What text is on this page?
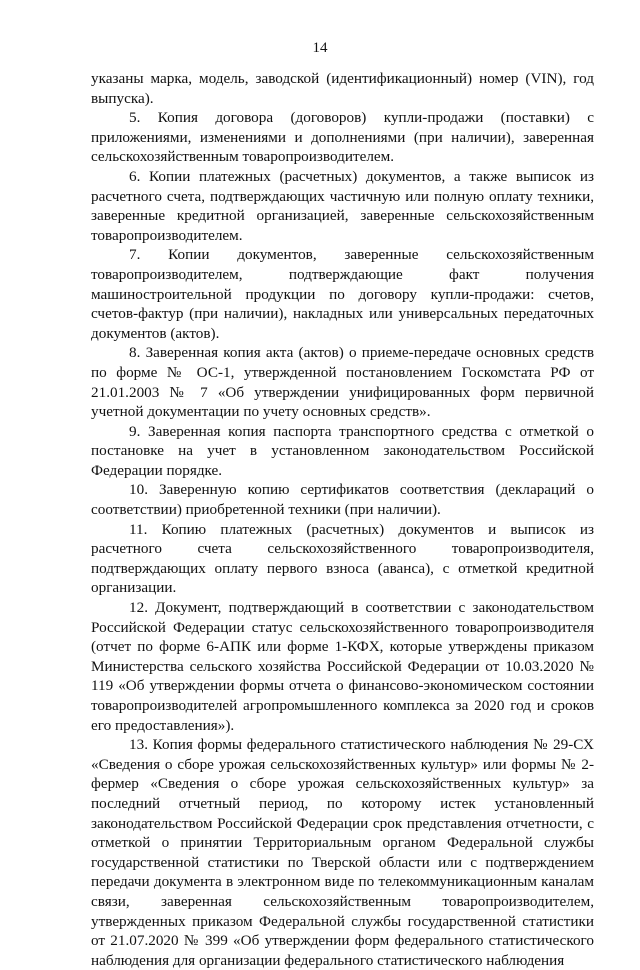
14

указаны марка, модель, заводской (идентификационный) номер (VIN), год выпуска).

5. Копия договора (договоров) купли-продажи (поставки) с приложениями, изменениями и дополнениями (при наличии), заверенная сельскохозяйственным товаропроизводителем.

6. Копии платежных (расчетных) документов, а также выписок из расчетного счета, подтверждающих частичную или полную оплату техники, заверенные кредитной организацией, заверенные сельскохозяйственным товаропроизводителем.

7. Копии документов, заверенные сельскохозяйственным товаропроизводителем, подтверждающие факт получения машиностроительной продукции по договору купли-продажи: счетов, счетов-фактур (при наличии), накладных или универсальных передаточных документов (актов).

8. Заверенная копия акта (актов) о приеме-передаче основных средств по форме № ОС-1, утвержденной постановлением Госкомстата РФ от 21.01.2003 № 7 «Об утверждении унифицированных форм первичной учетной документации по учету основных средств».

9. Заверенная копия паспорта транспортного средства с отметкой о постановке на учет в установленном законодательством Российской Федерации порядке.

10. Заверенную копию сертификатов соответствия (деклараций о соответствии) приобретенной техники (при наличии).

11. Копию платежных (расчетных) документов и выписок из расчетного счета сельскохозяйственного товаропроизводителя, подтверждающих оплату первого взноса (аванса), с отметкой кредитной организации.

12. Документ, подтверждающий в соответствии с законодательством Российской Федерации статус сельскохозяйственного товаропроизводителя (отчет по форме 6-АПК или форме 1-КФХ, которые утверждены приказом Министерства сельского хозяйства Российской Федерации от 10.03.2020 № 119 «Об утверждении формы отчета о финансово-экономическом состоянии товаропроизводителей агропромышленного комплекса за 2020 год и сроков его предоставления»).

13. Копия формы федерального статистического наблюдения № 29-СХ «Сведения о сборе урожая сельскохозяйственных культур» или формы № 2-фермер «Сведения о сборе урожая сельскохозяйственных культур» за последний отчетный период, по которому истек установленный законодательством Российской Федерации срок представления отчетности, с отметкой о принятии Территориальным органом Федеральной службы государственной статистики по Тверской области или с подтверждением передачи документа в электронном виде по телекоммуникационным каналам связи, заверенная сельскохозяйственным товаропроизводителем, утвержденных приказом Федеральной службы государственной статистики от 21.07.2020 № 399 «Об утверждении форм федерального статистического наблюдения для организации федерального статистического наблюдения
